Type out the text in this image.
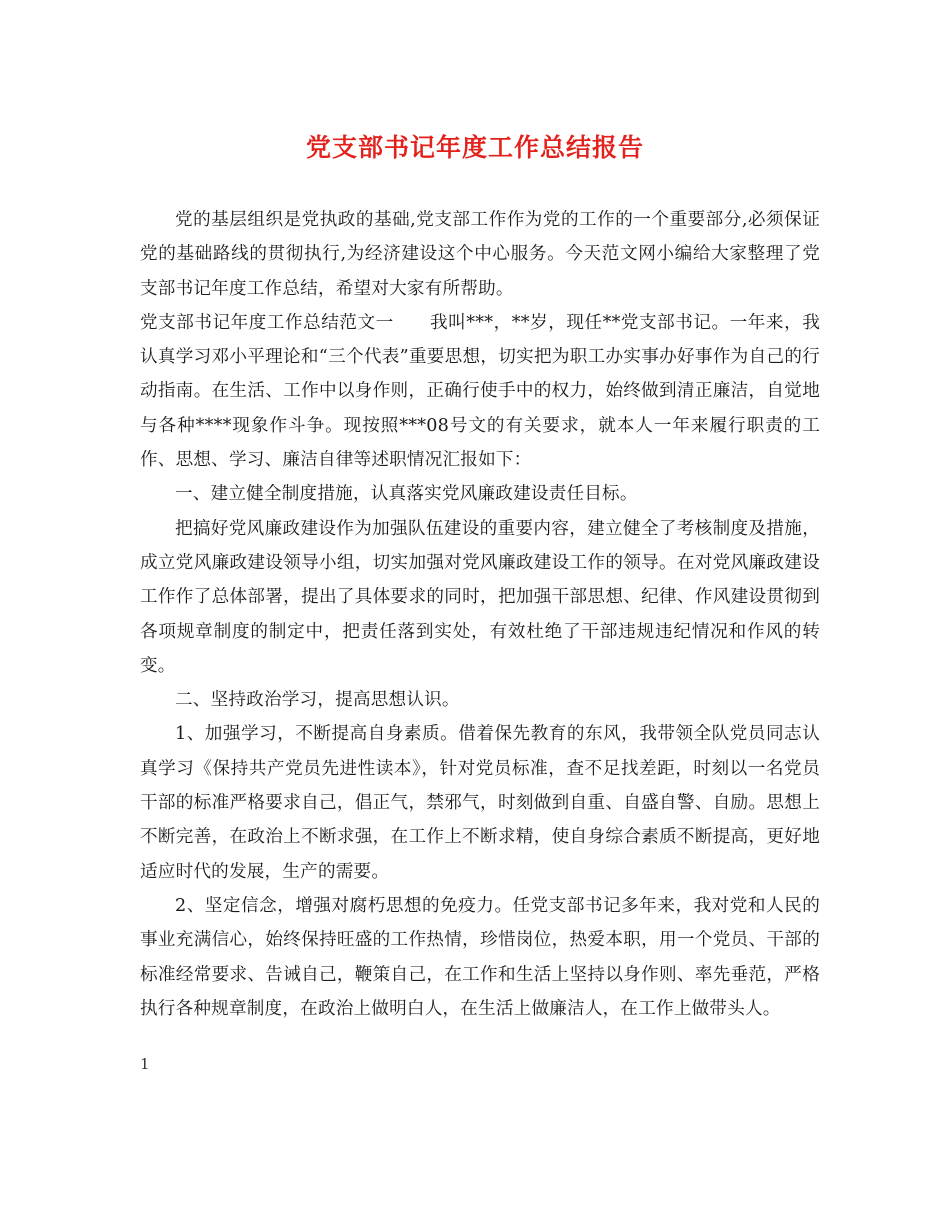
党支部书记年度工作总结报告

党的基层组织是党执政的基础,党支部工作作为党的工作的一个重要部分,必须保证党的基础路线的贯彻执行,为经济建设这个中心服务。今天范文网小编给大家整理了党支部书记年度工作总结，希望对大家有所帮助。

党支部书记年度工作总结范文一　　我叫***，**岁，现任**党支部书记。一年来，我认真学习邓小平理论和“三个代表”重要思想，切实把为职工办实事办好事作为自己的行动指南。在生活、工作中以身作则，正确行使手中的权力，始终做到清正廉洁，自觉地与各种****现象作斗争。现按照***08号文的有关要求，就本人一年来履行职责的工作、思想、学习、廉洁自律等述职情况汇报如下：

一、建立健全制度措施，认真落实党风廉政建设责任目标。

把搞好党风廉政建设作为加强队伍建设的重要内容，建立健全了考核制度及措施，成立党风廉政建设领导小组，切实加强对党风廉政建设工作的领导。在对党风廉政建设工作作了总体部署，提出了具体要求的同时，把加强干部思想、纪律、作风建设贯彻到各项规章制度的制定中，把责任落到实处，有效杜绝了干部违规违纪情况和作风的转变。

二、坚持政治学习，提高思想认识。

1、加强学习，不断提高自身素质。借着保先教育的东风，我带领全队党员同志认真学习《保持共产党员先进性读本》，针对党员标准，查不足找差距，时刻以一名党员干部的标准严格要求自己，倡正气，禁邪气，时刻做到自重、自盛自警、自励。思想上不断完善，在政治上不断求强，在工作上不断求精，使自身综合素质不断提高，更好地适应时代的发展，生产的需要。

2、坚定信念，增强对腐朽思想的免疫力。任党支部书记多年来，我对党和人民的事业充满信心，始终保持旺盛的工作热情，珍惜岗位，热爱本职，用一个党员、干部的标准经常要求、告诫自己，鞭策自己，在工作和生活上坚持以身作则、率先垂范，严格执行各种规章制度，在政治上做明白人，在生活上做廉洁人，在工作上做带头人。

1
